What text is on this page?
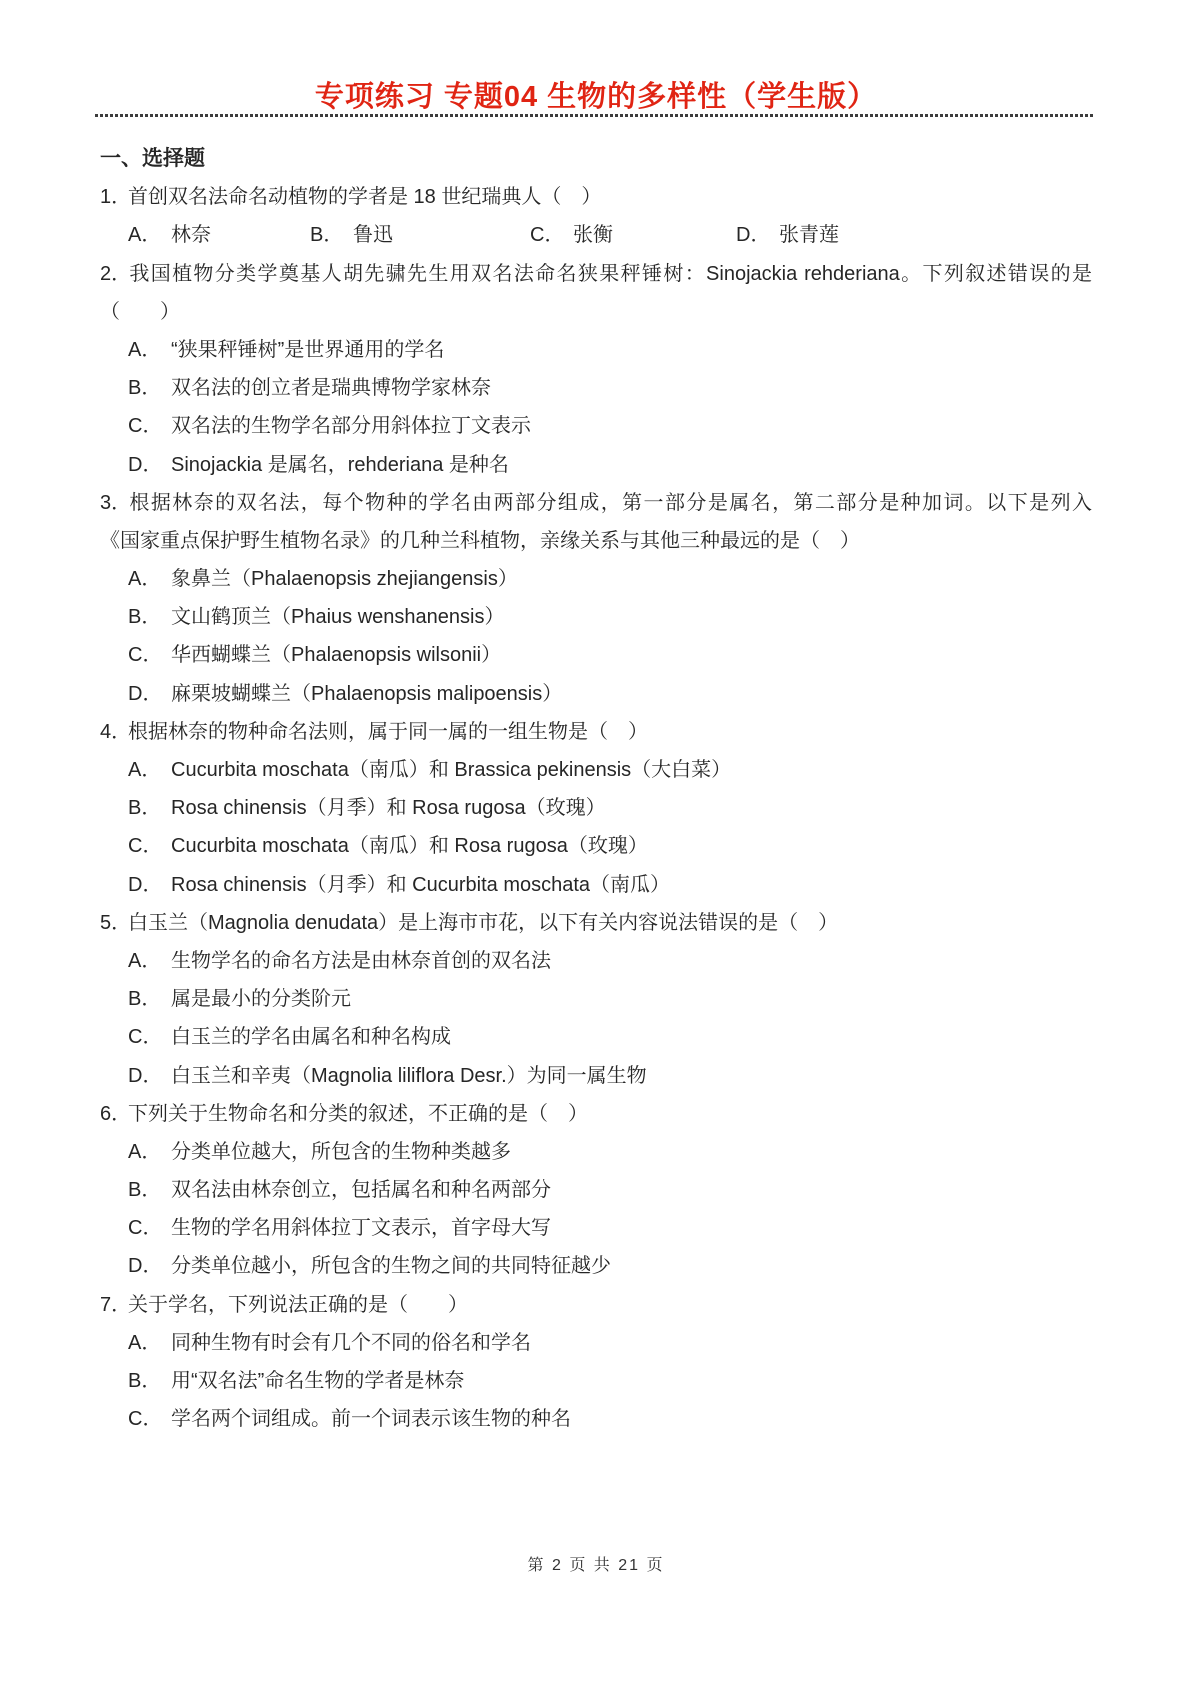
专项练习 专题04 生物的多样性（学生版）
一、选择题
1．首创双名法命名动植物的学者是 18 世纪瑞典人（　）
A． 林奈	B． 鲁迅	C． 张衡	D． 张青莲
2．我国植物分类学奠基人胡先骕先生用双名法命名狭果秤锤树：Sinojackia rehderiana。下列叙述错误的是
（　　）
A． “狭果秤锤树”是世界通用的学名
B． 双名法的创立者是瑞典博物学家林奈
C． 双名法的生物学名部分用斜体拉丁文表示
D． Sinojackia 是属名，rehderiana 是种名
3．根据林奈的双名法，每个物种的学名由两部分组成，第一部分是属名，第二部分是种加词。以下是列入
《国家重点保护野生植物名录》的几种兰科植物，亲缘关系与其他三种最远的是（　）
A． 象鼻兰（Phalaenopsis zhejiangensis）
B． 文山鹤顶兰（Phaius wenshanensis）
C． 华西蝴蝶兰（Phalaenopsis wilsonii）
D． 麻栗坡蝴蝶兰（Phalaenopsis malipoensis）
4．根据林奈的物种命名法则，属于同一属的一组生物是（　）
A． Cucurbita moschata（南瓜）和 Brassica pekinensis（大白菜）
B． Rosa chinensis（月季）和 Rosa rugosa（玫瑰）
C． Cucurbita moschata（南瓜）和 Rosa rugosa（玫瑰）
D． Rosa chinensis（月季）和 Cucurbita moschata（南瓜）
5．白玉兰（Magnolia denudata）是上海市市花，以下有关内容说法错误的是（　）
A． 生物学名的命名方法是由林奈首创的双名法
B． 属是最小的分类阶元
C． 白玉兰的学名由属名和种名构成
D． 白玉兰和辛夷（Magnolia liliflora Desr.）为同一属生物
6．下列关于生物命名和分类的叙述，不正确的是（　）
A． 分类单位越大，所包含的生物种类越多
B． 双名法由林奈创立，包括属名和种名两部分
C． 生物的学名用斜体拉丁文表示，首字母大写
D． 分类单位越小，所包含的生物之间的共同特征越少
7．关于学名，下列说法正确的是（　　）
A． 同种生物有时会有几个不同的俗名和学名
B． 用“双名法”命名生物的学者是林奈
C． 学名两个词组成。前一个词表示该生物的种名
第 2 页 共 21 页
